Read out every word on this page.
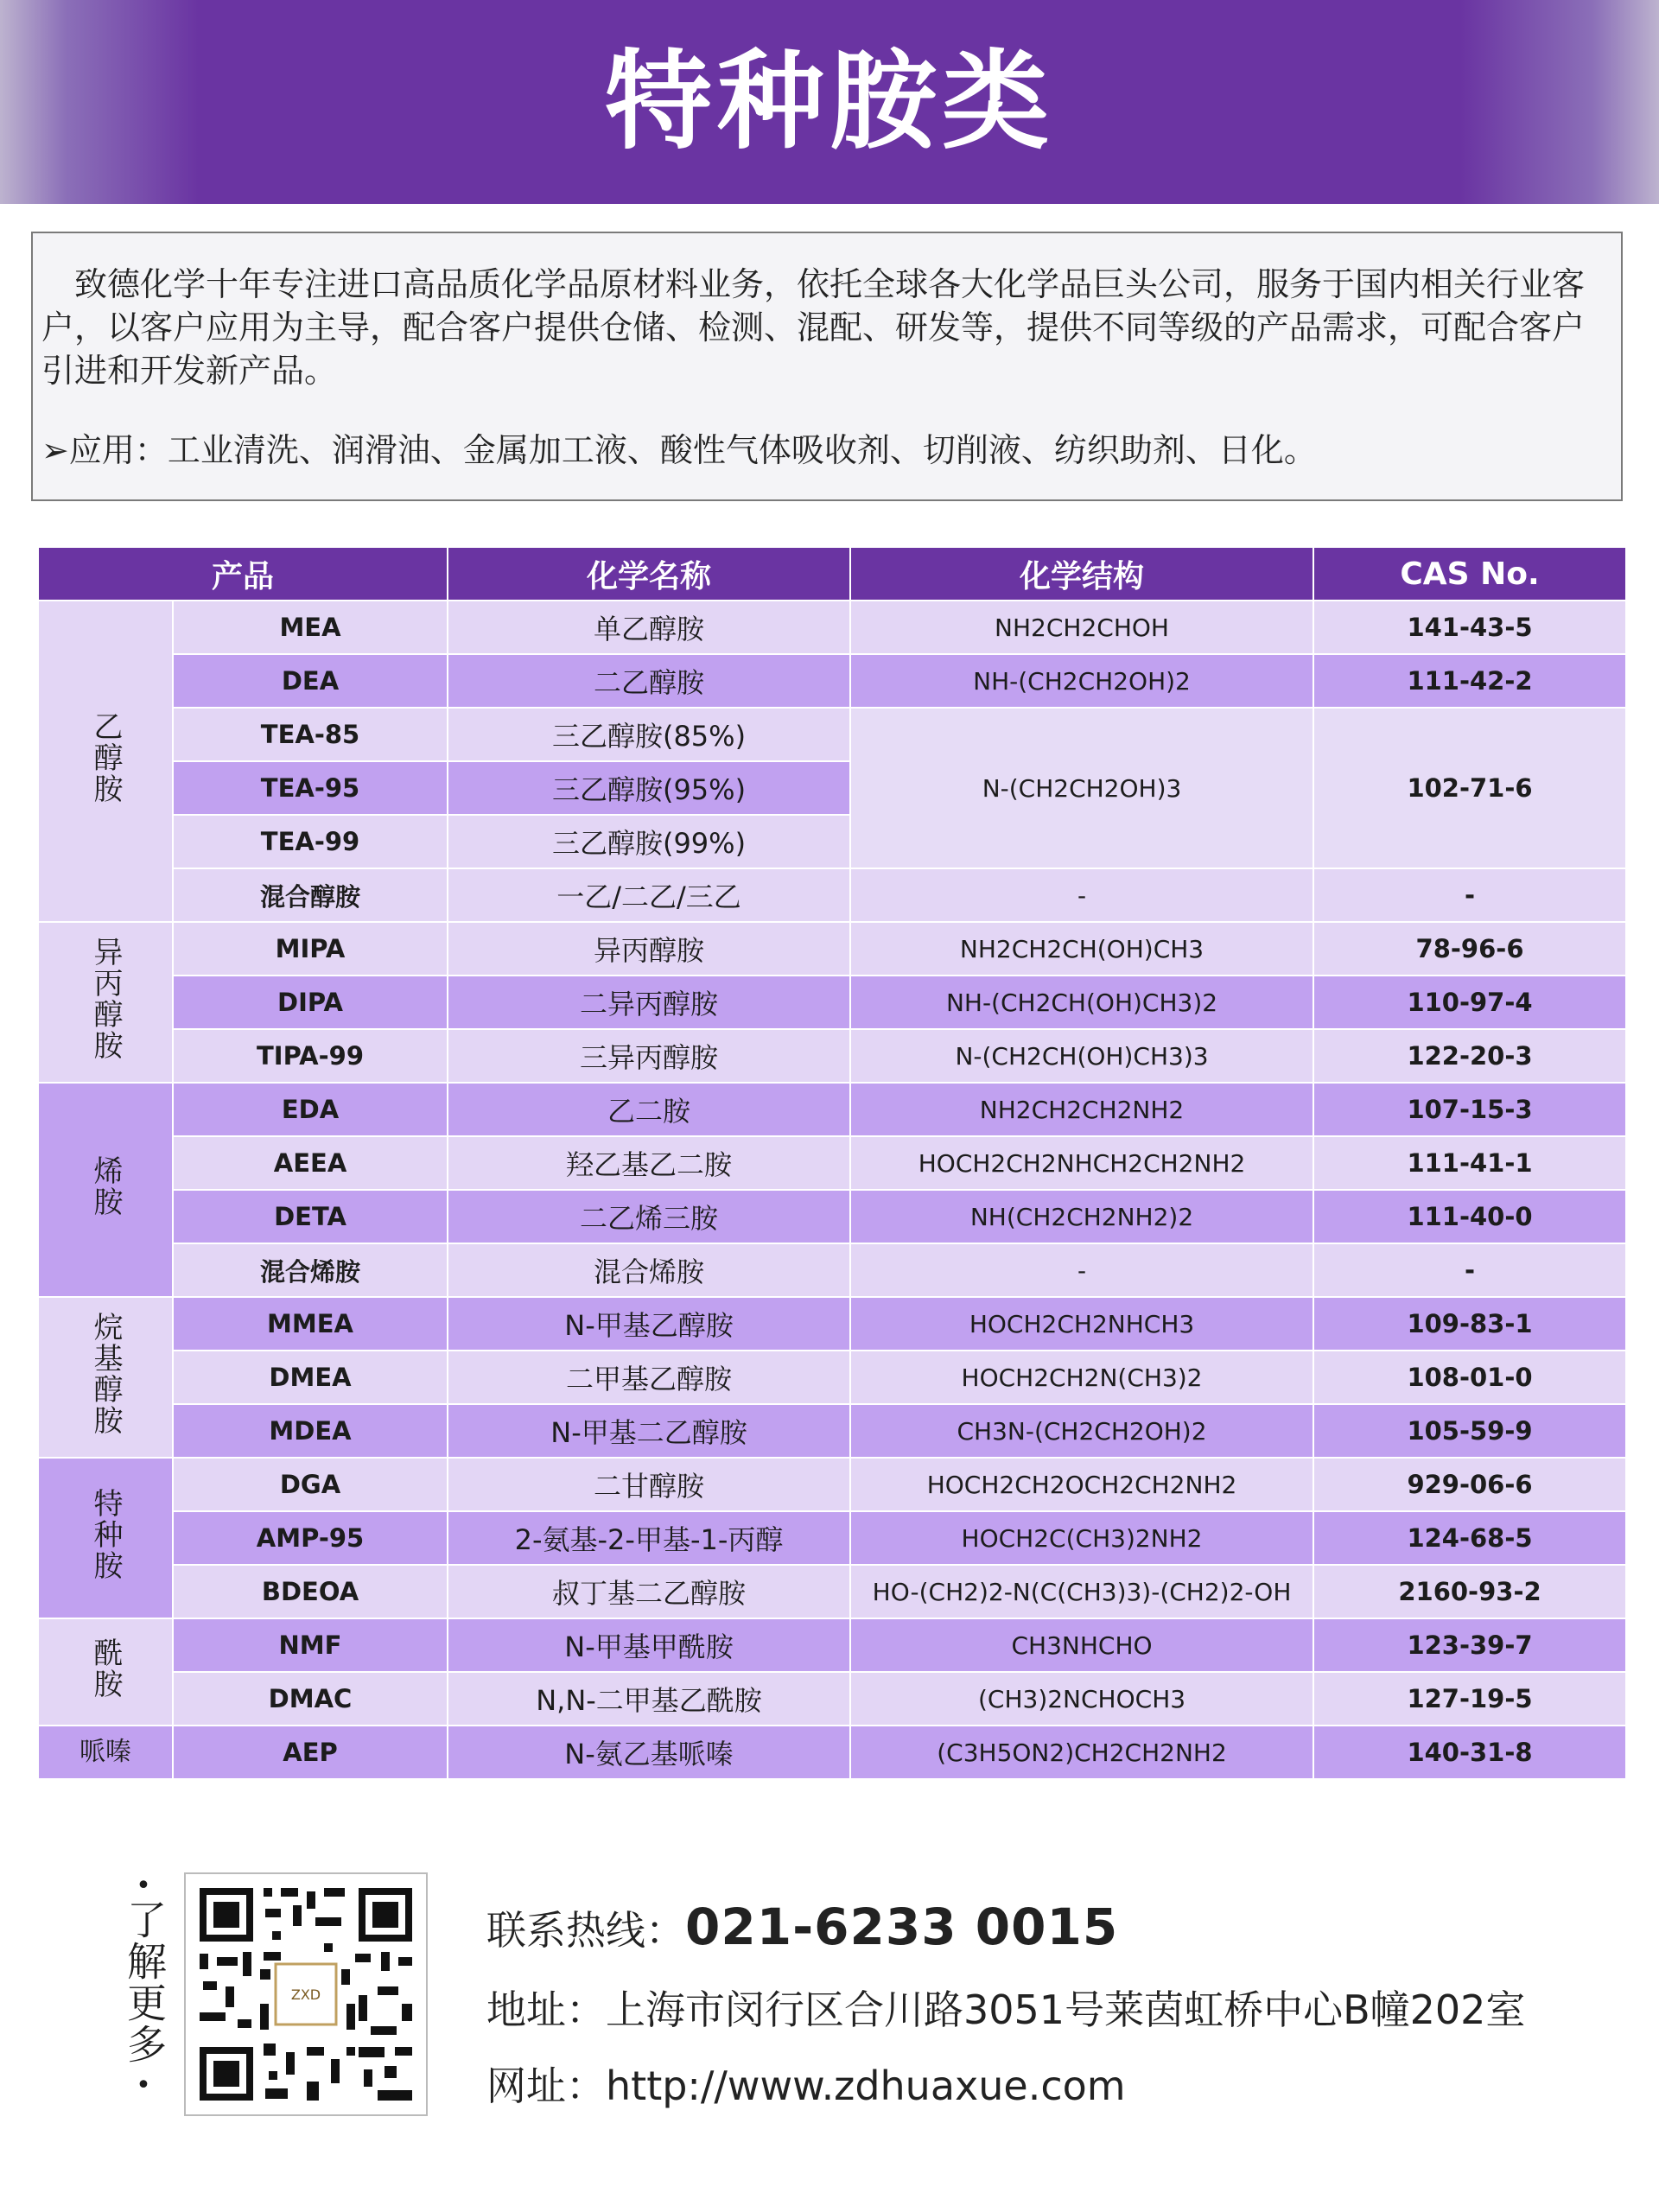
特种胺类

致德化学十年专注进口高品质化学品原材料业务，依托全球各大化学品巨头公司，服务于国内相关行业客户，以客户应用为主导，配合客户提供仓储、检测、混配、研发等，提供不同等级的产品需求，可配合客户引进和开发新产品。

➢应用：工业清洗、润滑油、金属加工液、酸性气体吸收剂、切削液、纺织助剂、日化。

产品		化学名称	化学结构	CAS No.
乙醇胺	MEA	单乙醇胺	NH2CH2CHOH	141-43-5
	DEA	二乙醇胺	NH-(CH2CH2OH)2	111-42-2
	TEA-85	三乙醇胺(85%)	N-(CH2CH2OH)3	102-71-6
	TEA-95	三乙醇胺(95%)		
	TEA-99	三乙醇胺(99%)		
	混合醇胺	一乙/二乙/三乙	-	-
异丙醇胺	MIPA	异丙醇胺	NH2CH2CH(OH)CH3	78-96-6
	DIPA	二异丙醇胺	NH-(CH2CH(OH)CH3)2	110-97-4
	TIPA-99	三异丙醇胺	N-(CH2CH(OH)CH3)3	122-20-3
烯胺	EDA	乙二胺	NH2CH2CH2NH2	107-15-3
	AEEA	羟乙基乙二胺	HOCH2CH2NHCH2CH2NH2	111-41-1
	DETA	二乙烯三胺	NH(CH2CH2NH2)2	111-40-0
	混合烯胺	混合烯胺	-	-
烷基醇胺	MMEA	N-甲基乙醇胺	HOCH2CH2NHCH3	109-83-1
	DMEA	二甲基乙醇胺	HOCH2CH2N(CH3)2	108-01-0
	MDEA	N-甲基二乙醇胺	CH3N-(CH2CH2OH)2	105-59-9
特种胺	DGA	二甘醇胺	HOCH2CH2OCH2CH2NH2	929-06-6
	AMP-95	2-氨基-2-甲基-1-丙醇	HOCH2C(CH3)2NH2	124-68-5
	BDEOA	叔丁基二乙醇胺	HO-(CH2)2-N(C(CH3)3)-(CH2)2-OH	2160-93-2
酰胺	NMF	N-甲基甲酰胺	CH3NHCHO	123-39-7
	DMAC	N,N-二甲基乙酰胺	(CH3)2NCHOCH3	127-19-5
哌嗪	AEP	N-氨乙基哌嗪	(C3H5ON2)CH2CH2NH2	140-31-8
•
了解更多
•
ZXD
联系热线：021-6233 0015
地址：上海市闵行区合川路3051号莱茵虹桥中心B幢202室
网址：http://www.zdhuaxue.com
